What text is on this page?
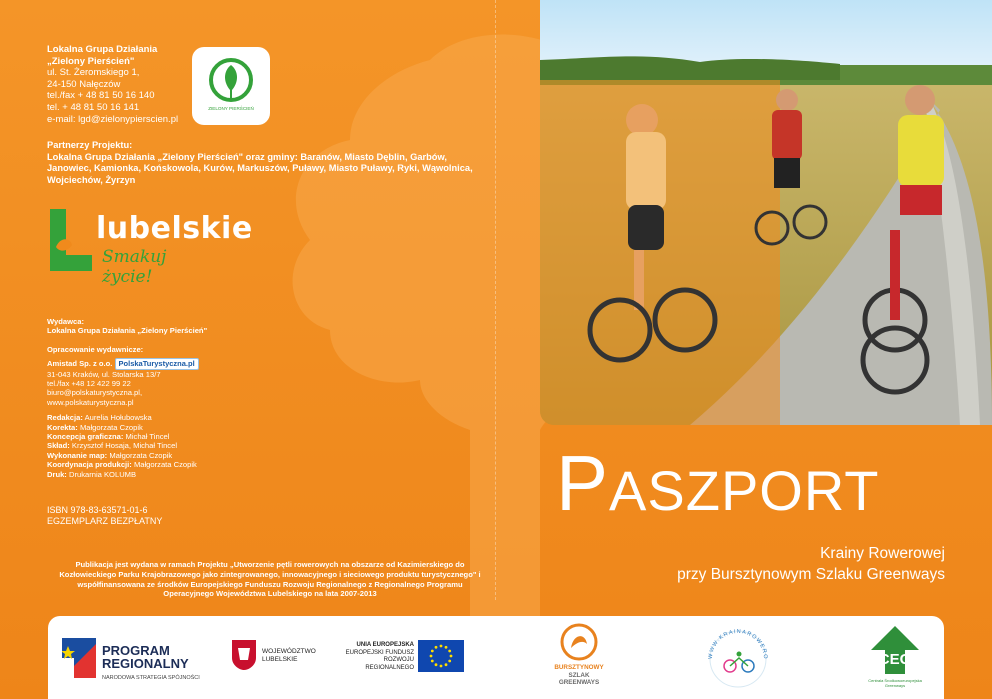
Lokalna Grupa Działania
„Zielony Pierścień"
ul. St. Żeromskiego 1,
24-150 Nałęczów
tel./fax + 48 81 50 16 140
tel. + 48 81 50 16 141
e-mail: lgd@zielonypierscien.pl
ZIELONY PIERŚCIEŃ
Partnerzy Projektu:
Lokalna Grupa Działania „Zielony Pierścień" oraz gminy: Baranów, Miasto Dęblin, Garbów, Janowiec, Kamionka, Końskowola, Kurów, Markuszów, Puławy, Miasto Puławy, Ryki, Wąwolnica, Wojciechów, Żyrzyn
lubelskie
Smakuj życie!
Wydawca:
Lokalna Grupa Działania „Zielony Pierścień"
Opracowanie wydawnicze:
Amistad Sp. z o.o. PolskaTurystyczna.pl
31-043 Kraków, ul. Stolarska 13/7
tel./fax +48 12 422 99 22
biuro@polskaturystyczna.pl,
www.polskaturystyczna.pl
Redakcja: Aurelia Hołubowska
Korekta: Małgorzata Czopik
Koncepcja graficzna: Michał Tincel
Skład: Krzysztof Hosaja, Michał Tincel
Wykonanie map: Małgorzata Czopik
Koordynacja produkcji: Małgorzata Czopik
Druk: Drukarnia KOLUMB
ISBN 978-83-63571-01-6
EGZEMPLARZ BEZPŁATNY
Publikacja jest wydana w ramach Projektu „Utworzenie pętli rowerowych na obszarze od Kazimierskiego do Kozłowieckiego Parku Krajobrazowego jako zintegrowanego, innowacyjnego i sieciowego produktu turystycznego" i współfinansowana ze środków Europejskiego Funduszu Rozwoju Regionalnego z Regionalnego Programu Operacyjnego Województwa Lubelskiego na lata 2007-2013
PASZPORT
Krainy Rowerowej
przy Bursztynowym Szlaku Greenways
PROGRAM
REGIONALNY
NARODOWA STRATEGIA SPÓJNOŚCI
WOJEWÓDZTWO
LUBELSKIE
UNIA EUROPEJSKA
EUROPEJSKI FUNDUSZ
ROZWOJU REGIONALNEGO	BURSZTYNOWY
SZLAK
GREENWAYS
WWW.KRAINAROWERO	CEG
Centrala Środkowoeuropejska
Greenways
